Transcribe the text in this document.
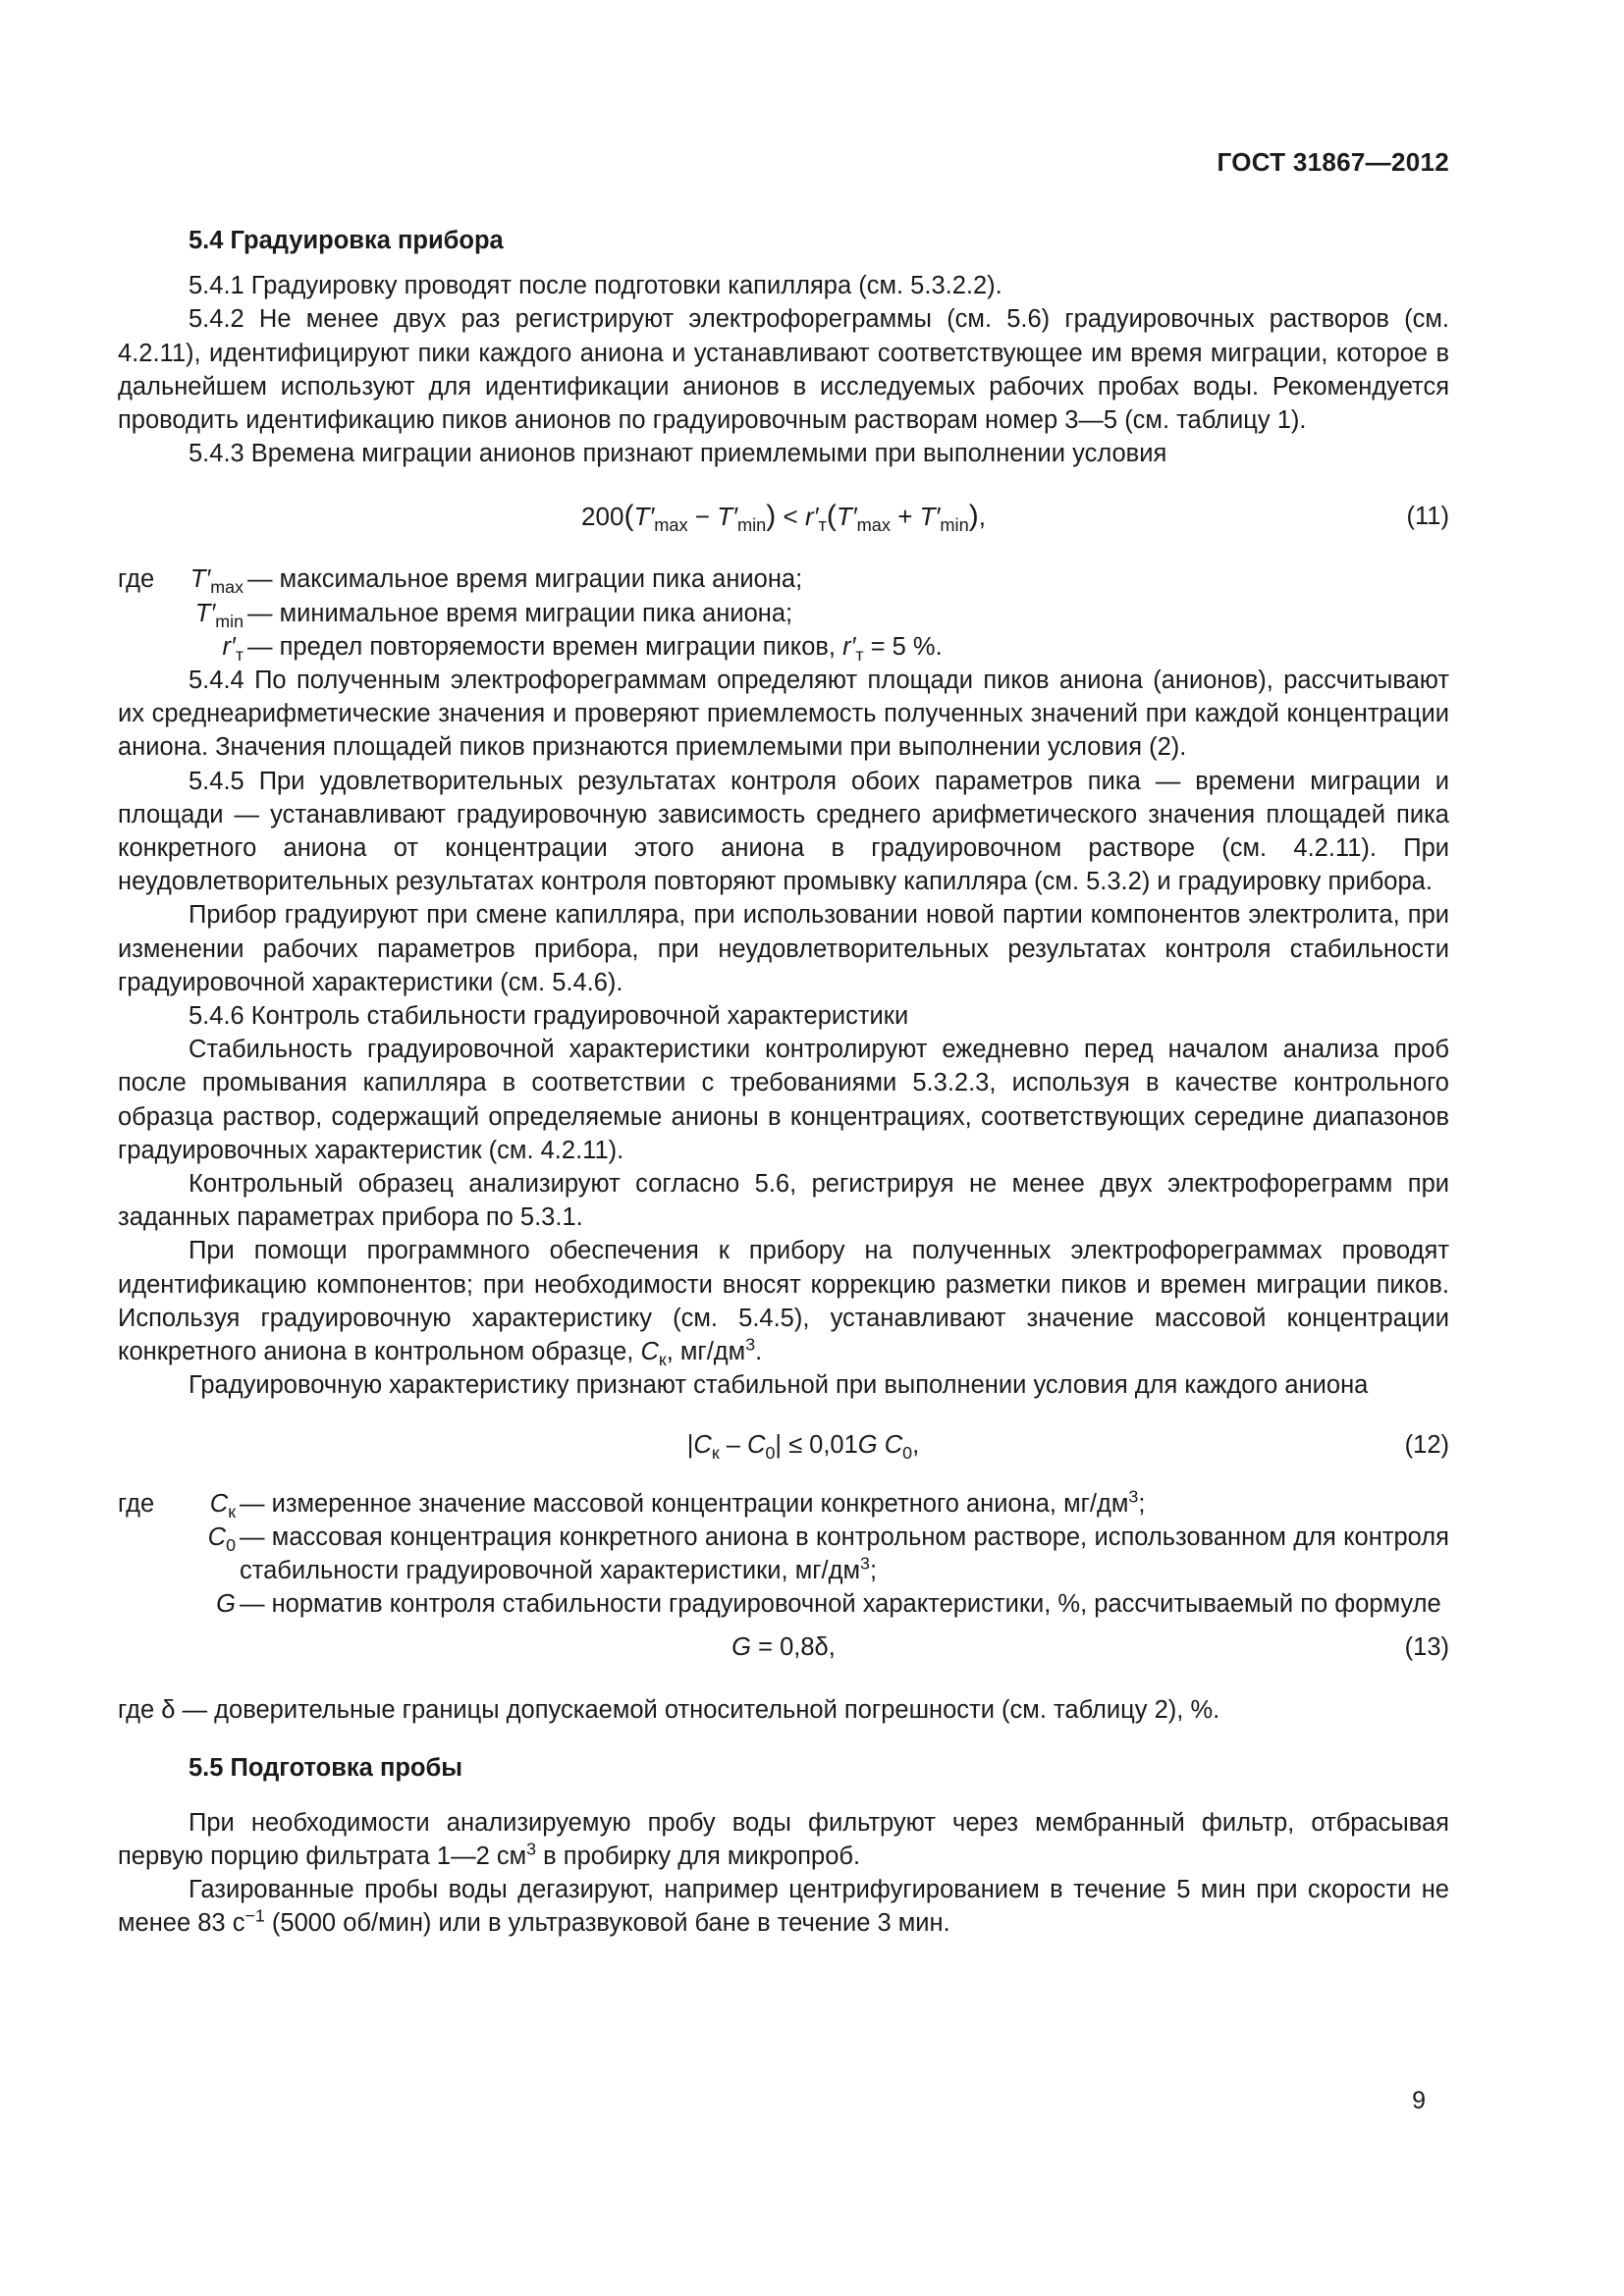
ГОСТ 31867—2012

5.4 Градуировка прибора

5.4.1 Градуировку проводят после подготовки капилляра (см. 5.3.2.2).

5.4.2 Не менее двух раз регистрируют электрофореграммы (см. 5.6) градуировочных растворов (см. 4.2.11), идентифицируют пики каждого аниона и устанавливают соответствующее им время миграции, которое в дальнейшем используют для идентификации анионов в исследуемых рабочих пробах воды. Рекомендуется проводить идентификацию пиков анионов по градуировочным растворам номер 3—5 (см. таблицу 1).

5.4.3 Времена миграции анионов признают приемлемыми при выполнении условия

$200(T'_{max} - T'_{min}) < r'_т(T'_{max} + T'_{min})$,	(11)
где $T'_{max}$ — максимальное время миграции пика аниона;
$T'_{min}$ — минимальное время миграции пика аниона;
$r'_т$ — предел повторяемости времен миграции пиков, $r'_т = 5$ %.

5.4.4 По полученным электрофореграммам определяют площади пиков аниона (анионов), рассчитывают их среднеарифметические значения и проверяют приемлемость полученных значений при каждой концентрации аниона. Значения площадей пиков признаются приемлемыми при выполнении условия (2).

5.4.5 При удовлетворительных результатах контроля обоих параметров пика — времени миграции и площади — устанавливают градуировочную зависимость среднего арифметического значения площадей пика конкретного аниона от концентрации этого аниона в градуировочном растворе (см. 4.2.11). При неудовлетворительных результатах контроля повторяют промывку капилляра (см. 5.3.2) и градуировку прибора.

Прибор градуируют при смене капилляра, при использовании новой партии компонентов электролита, при изменении рабочих параметров прибора, при неудовлетворительных результатах контроля стабильности градуировочной характеристики (см. 5.4.6).

5.4.6 Контроль стабильности градуировочной характеристики

Стабильность градуировочной характеристики контролируют ежедневно перед началом анализа проб после промывания капилляра в соответствии с требованиями 5.3.2.3, используя в качестве контрольного образца раствор, содержащий определяемые анионы в концентрациях, соответствующих середине диапазонов градуировочных характеристик (см. 4.2.11).

Контрольный образец анализируют согласно 5.6, регистрируя не менее двух электрофореграмм при заданных параметрах прибора по 5.3.1.

При помощи программного обеспечения к прибору на полученных электрофореграммах проводят идентификацию компонентов; при необходимости вносят коррекцию разметки пиков и времен миграции пиков. Используя градуировочную характеристику (см. 5.4.5), устанавливают значение массовой концентрации конкретного аниона в контрольном образце, $C_к$, $мг/дм^3$.

Градуировочную характеристику признают стабильной при выполнении условия для каждого аниона

$|C_к - C_0| \le 0,01G$ $C_0$,	(12)
где $C_к$ — измеренное значение массовой концентрации конкретного аниона, $мг/дм^3$;
$C_0$ — массовая концентрация конкретного аниона в контрольном растворе, использованном для контроля стабильности градуировочной характеристики, $мг/дм^3$;
G — норматив контроля стабильности градуировочной характеристики, %, рассчитываемый по формуле
G = 0,8δ,	(13)

где δ — доверительные границы допускаемой относительной погрешности (см. таблицу 2), %.

5.5 Подготовка пробы

При необходимости анализируемую пробу воды фильтруют через мембранный фильтр, отбрасывая первую порцию фильтрата 1—2 $см^3$ в пробирку для микропроб.

Газированные пробы воды дегазируют, например центрифугированием в течение 5 мин при скорости не менее 83 $с^{-1}$ (5000 об/мин) или в ультразвуковой бане в течение 3 мин.

9
